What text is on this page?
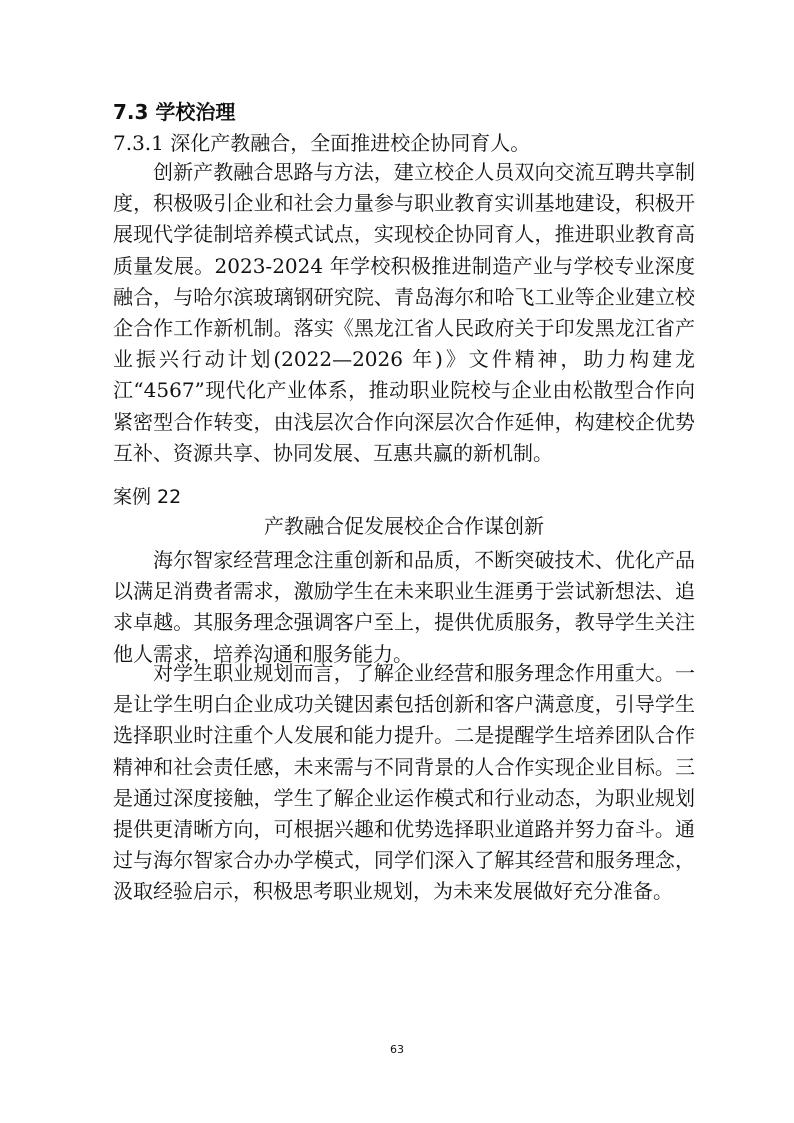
7.3 学校治理
7.3.1 深化产教融合，全面推进校企协同育人。

创新产教融合思路与方法，建立校企人员双向交流互聘共享制度，积极吸引企业和社会力量参与职业教育实训基地建设，积极开展现代学徒制培养模式试点，实现校企协同育人，推进职业教育高质量发展。2023-2024 年学校积极推进制造产业与学校专业深度融合，与哈尔滨玻璃钢研究院、青岛海尔和哈飞工业等企业建立校企合作工作新机制。落实《黑龙江省人民政府关于印发黑龙江省产业振兴行动计划(2022—2026 年)》文件精神，助力构建龙江“4567”现代化产业体系，推动职业院校与企业由松散型合作向紧密型合作转变，由浅层次合作向深层次合作延伸，构建校企优势互补、资源共享、协同发展、互惠共赢的新机制。

案例 22
产教融合促发展校企合作谋创新

海尔智家经营理念注重创新和品质，不断突破技术、优化产品以满足消费者需求，激励学生在未来职业生涯勇于尝试新想法、追求卓越。其服务理念强调客户至上，提供优质服务，教导学生关注他人需求，培养沟通和服务能力。

对学生职业规划而言，了解企业经营和服务理念作用重大。一是让学生明白企业成功关键因素包括创新和客户满意度，引导学生选择职业时注重个人发展和能力提升。二是提醒学生培养团队合作精神和社会责任感，未来需与不同背景的人合作实现企业目标。三是通过深度接触，学生了解企业运作模式和行业动态，为职业规划提供更清晰方向，可根据兴趣和优势选择职业道路并努力奋斗。通过与海尔智家合办办学模式，同学们深入了解其经营和服务理念，汲取经验启示，积极思考职业规划，为未来发展做好充分准备。

63
